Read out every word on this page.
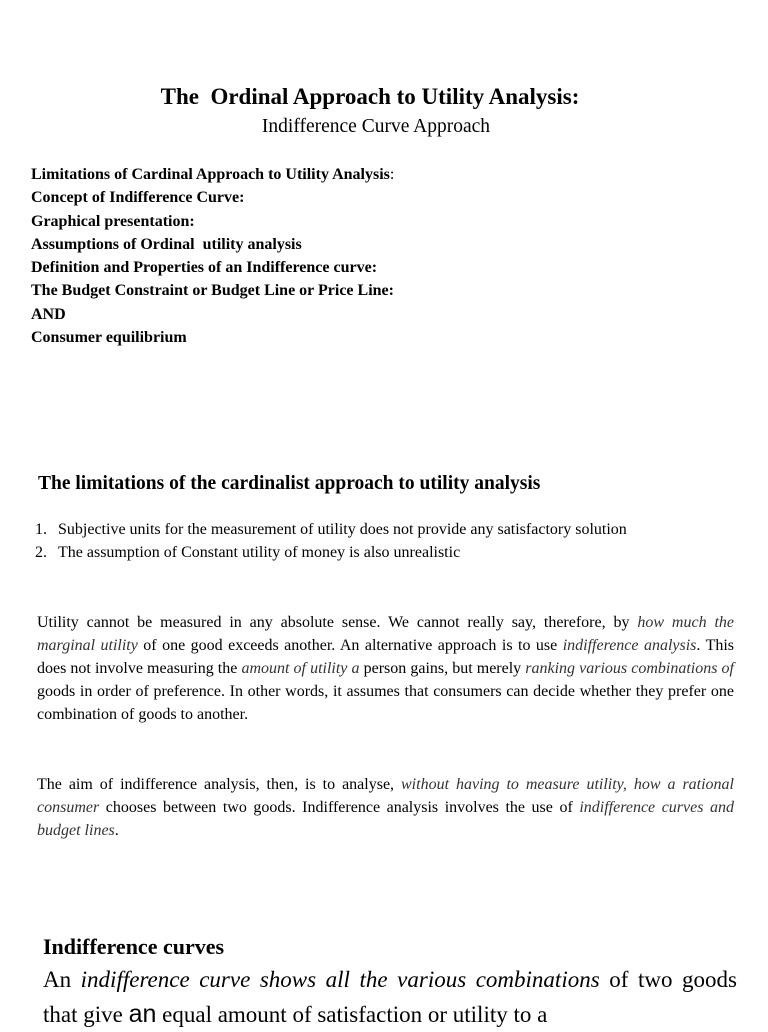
The  Ordinal Approach to Utility Analysis:
Indifference Curve Approach
Limitations of Cardinal Approach to Utility Analysis:
Concept of Indifference Curve:
Graphical presentation:
Assumptions of Ordinal  utility analysis
Definition and Properties of an Indifference curve:
The Budget Constraint or Budget Line or Price Line:
AND
Consumer equilibrium
The limitations of the cardinalist approach to utility analysis
1. Subjective units for the measurement of utility does not provide any satisfactory solution
2. The assumption of Constant utility of money is also unrealistic

Utility cannot be measured in any absolute sense. We cannot really say, therefore, by how much the marginal utility of one good exceeds another. An alternative approach is to use indifference analysis. This does not involve measuring the amount of utility a person gains, but merely ranking various combinations of goods in order of preference. In other words, it assumes that consumers can decide whether they prefer one combination of goods to another.

The aim of indifference analysis, then, is to analyse, without having to measure utility, how a rational consumer chooses between two goods. Indifference analysis involves the use of indifference curves and budget lines.

Indifference curves

An indifference curve shows all the various combinations of two goods that give an equal amount of satisfaction or utility to a
